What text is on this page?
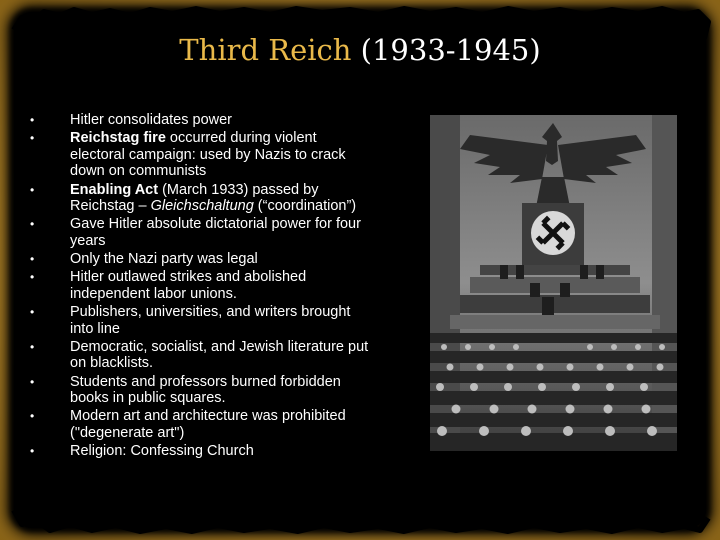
Third Reich (1933-1945)
•	Hitler consolidates power
•	Reichstag fire occurred during violent electoral campaign: used by Nazis to crack down on communists
•	Enabling Act (March 1933) passed by Reichstag – Gleichschaltung (“coordination”)
•	Gave Hitler absolute dictatorial power for four years
•	Only the Nazi party was legal
•	Hitler outlawed strikes and abolished independent labor unions.
•	Publishers, universities, and writers brought into line
•	Democratic, socialist, and Jewish literature put on blacklists.
•	Students and professors burned forbidden books in public squares.
•	Modern art and architecture was prohibited ("degenerate art")
•	Religion: Confessing Church
